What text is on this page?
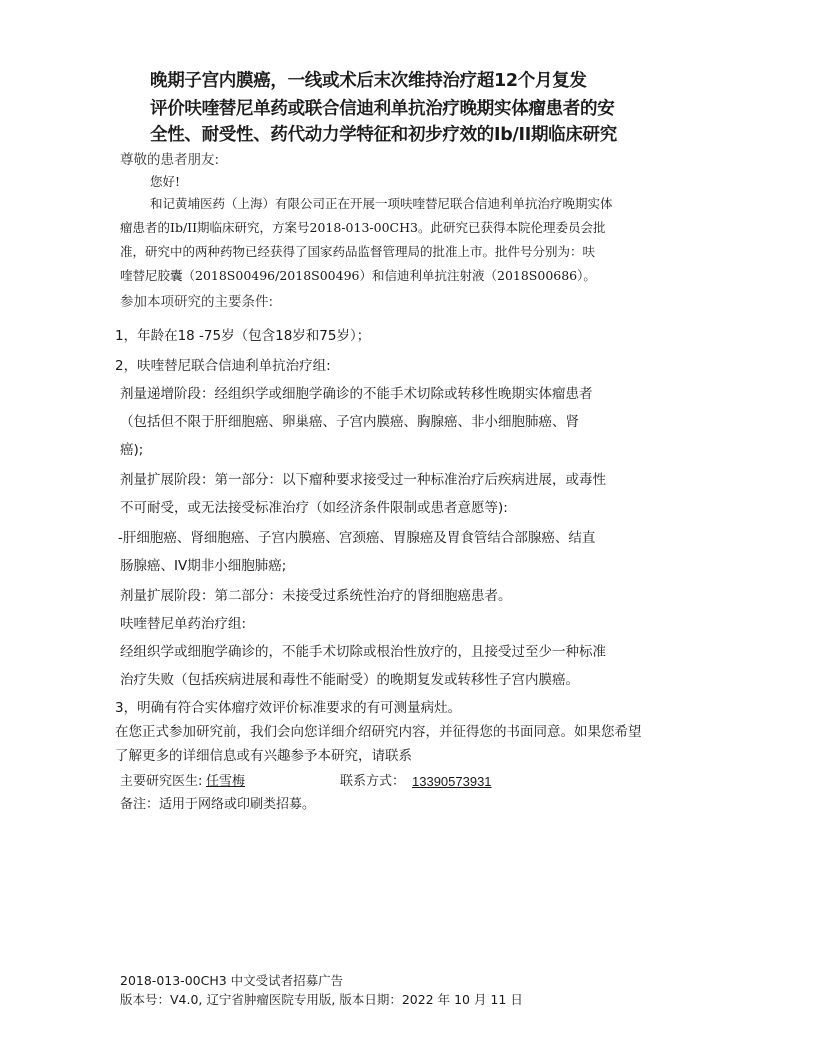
晚期子宫内膜癌，一线或术后末次维持治疗超12个月复发
评价呋喹替尼单药或联合信迪利单抗治疗晚期实体瘤患者的安
全性、耐受性、药代动力学特征和初步疗效的Ib/II期临床研究
尊敬的患者朋友:
您好!
和记黄埔医药（上海）有限公司正在开展一项呋喹替尼联合信迪利单抗治疗晚期实体
瘤患者的Ib/II期临床研究，方案号2018-013-00CH3。此研究已获得本院伦理委员会批
准，研究中的两种药物已经获得了国家药品监督管理局的批准上市。批件号分别为：呋
喹替尼胶囊（2018S00496/2018S00496）和信迪利单抗注射液（2018S00686）。
参加本项研究的主要条件:
1，年龄在18 -75岁（包含18岁和75岁）；
2，呋喹替尼联合信迪利单抗治疗组:
剂量递增阶段：经组织学或细胞学确诊的不能手术切除或转移性晚期实体瘤患者
（包括但不限于肝细胞癌、卵巢癌、子宫内膜癌、胸腺癌、非小细胞肺癌、肾
癌);
剂量扩展阶段：第一部分：以下瘤种要求接受过一种标准治疗后疾病进展，或毒性
不可耐受，或无法接受标准治疗（如经济条件限制或患者意愿等):
-肝细胞癌、肾细胞癌、子宫内膜癌、宫颈癌、胃腺癌及胃食管结合部腺癌、结直
肠腺癌、IV期非小细胞肺癌;
剂量扩展阶段：第二部分：未接受过系统性治疗的肾细胞癌患者。
呋喹替尼单药治疗组:
经组织学或细胞学确诊的，不能手术切除或根治性放疗的，且接受过至少一种标准
治疗失败（包括疾病进展和毒性不能耐受）的晚期复发或转移性子宫内膜癌。
3，明确有符合实体瘤疗效评价标准要求的有可测量病灶。
在您正式参加研究前，我们会向您详细介绍研究内容，并征得您的书面同意。如果您希望
了解更多的详细信息或有兴趣参予本研究，请联系
主要研究医生: 任雪梅	联系方式： 13390573931
备注：适用于网络或印刷类招募。
2018-013-00CH3 中文受试者招募广告
版本号：V4.0, 辽宁省肿瘤医院专用版, 版本日期：2022 年 10 月 11 日
